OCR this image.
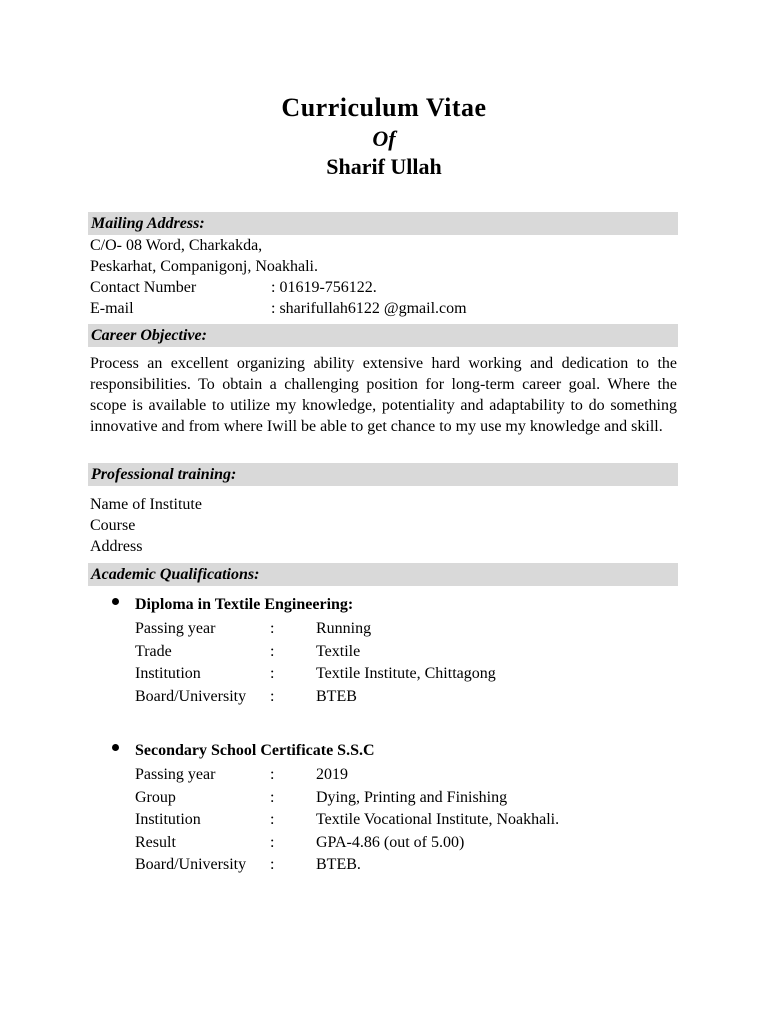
Curriculum Vitae
Of
Sharif Ullah
Mailing Address:
C/O- 08 Word, Charkakda,
Peskarhat, Companigonj, Noakhali.
Contact Number	: 01619-756122.
E-mail	: sharifullah6122 @gmail.com
Career Objective:
Process an excellent organizing ability extensive hard working and dedication to the responsibilities. To obtain a challenging position for long-term career goal. Where the scope is available to utilize my knowledge, potentiality and adaptability to do something innovative and from where Iwill be able to get chance to my use my knowledge and skill.
Professional training:
Name of Institute
Course
Address
Academic Qualifications:
Diploma in Textile Engineering:
Passing year	:	Running
Trade	:	Textile
Institution	:	Textile Institute, Chittagong
Board/University :	BTEB
Secondary School Certificate S.S.C
Passing year	:	2019
Group	:	Dying, Printing and Finishing
Institution	:	Textile Vocational Institute, Noakhali.
Result	:	GPA-4.86 (out of 5.00)
Board/University :	BTEB.
